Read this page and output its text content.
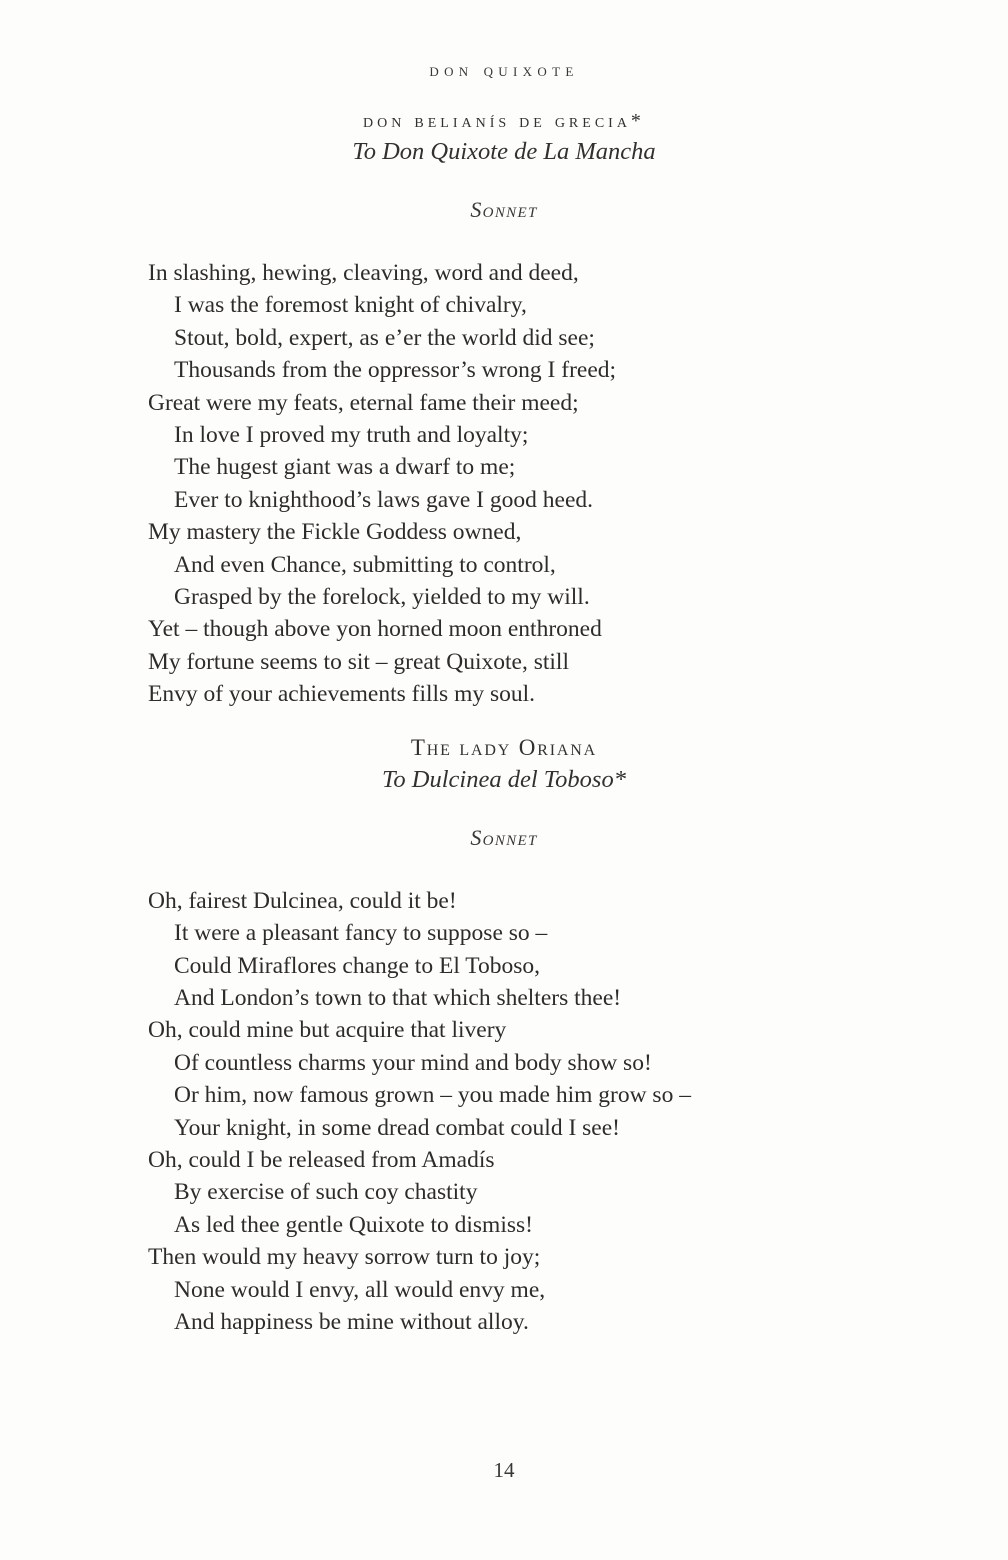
don quixote
don belianís de grecia*
To Don Quixote de La Mancha
Sonnet
In slashing, hewing, cleaving, word and deed,
I was the foremost knight of chivalry,
Stout, bold, expert, as e’er the world did see;
Thousands from the oppressor’s wrong I freed;
Great were my feats, eternal fame their meed;
In love I proved my truth and loyalty;
The hugest giant was a dwarf to me;
Ever to knighthood’s laws gave I good heed.
My mastery the Fickle Goddess owned,
And even Chance, submitting to control,
Grasped by the forelock, yielded to my will.
Yet – though above yon horned moon enthroned
My fortune seems to sit – great Quixote, still
Envy of your achievements fills my soul.
The lady Oriana
To Dulcinea del Toboso*
Sonnet
Oh, fairest Dulcinea, could it be!
It were a pleasant fancy to suppose so –
Could Miraflores change to El Toboso,
And London’s town to that which shelters thee!
Oh, could mine but acquire that livery
Of countless charms your mind and body show so!
Or him, now famous grown – you made him grow so –
Your knight, in some dread combat could I see!
Oh, could I be released from Amadís
By exercise of such coy chastity
As led thee gentle Quixote to dismiss!
Then would my heavy sorrow turn to joy;
None would I envy, all would envy me,
And happiness be mine without alloy.
14
